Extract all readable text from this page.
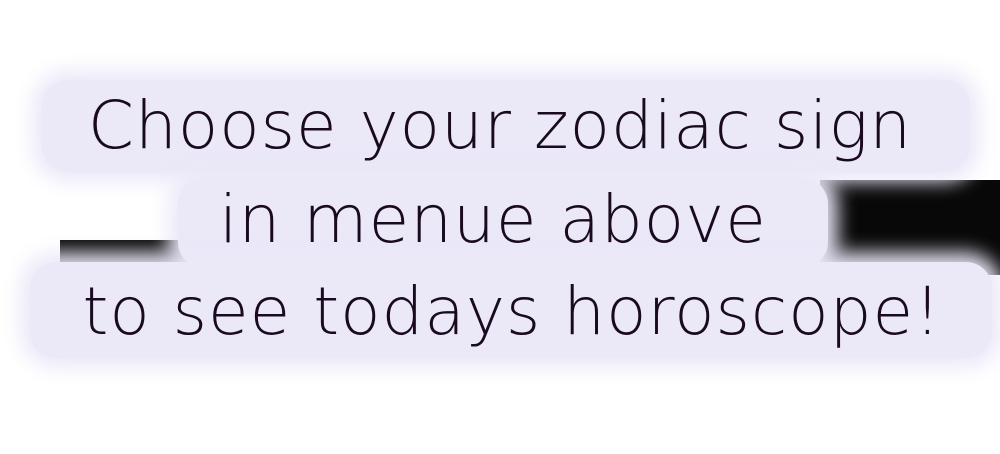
Choose your zodiac sign
in menue above
to see todays horoscope!
